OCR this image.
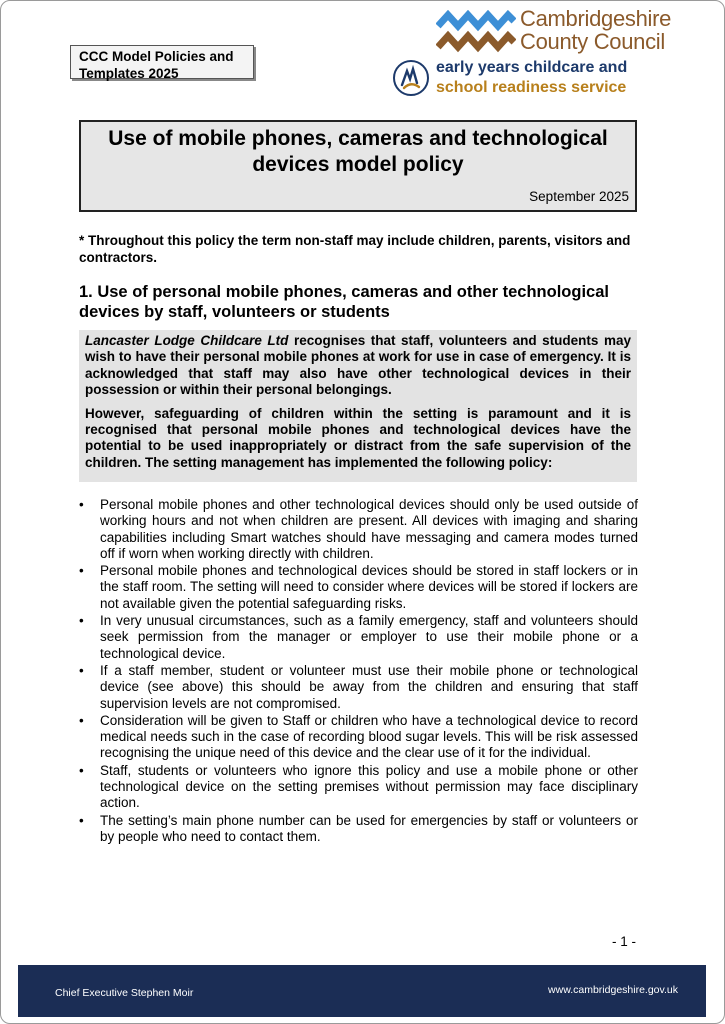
CCC Model Policies and
Templates 2025
Cambridgeshire
County Council
early years childcare and
school readiness service
Use of mobile phones, cameras and technological
devices model policy
September 2025
* Throughout this policy the term non-staff may include children, parents, visitors and contractors.
1. Use of personal mobile phones, cameras and other technological devices by staff, volunteers or students

Lancaster Lodge Childcare Ltd recognises that staff, volunteers and students may wish to have their personal mobile phones at work for use in case of emergency. It is acknowledged that staff may also have other technological devices in their possession or within their personal belongings.

However, safeguarding of children within the setting is paramount and it is recognised that personal mobile phones and technological devices have the potential to be used inappropriately or distract from the safe supervision of the children. The setting management has implemented the following policy:

• Personal mobile phones and other technological devices should only be used outside of working hours and not when children are present. All devices with imaging and sharing capabilities including Smart watches should have messaging and camera modes turned off if worn when working directly with children.
• Personal mobile phones and technological devices should be stored in staff lockers or in the staff room. The setting will need to consider where devices will be stored if lockers are not available given the potential safeguarding risks.
• In very unusual circumstances, such as a family emergency, staff and volunteers should seek permission from the manager or employer to use their mobile phone or a technological device.
• If a staff member, student or volunteer must use their mobile phone or technological device (see above) this should be away from the children and ensuring that staff supervision levels are not compromised.
• Consideration will be given to Staff or children who have a technological device to record medical needs such in the case of recording blood sugar levels. This will be risk assessed recognising the unique need of this device and the clear use of it for the individual.
• Staff, students or volunteers who ignore this policy and use a mobile phone or other technological device on the setting premises without permission may face disciplinary action.
• The setting’s main phone number can be used for emergencies by staff or volunteers or by people who need to contact them.
- 1 -
Chief Executive Stephen Moir	www.cambridgeshire.gov.uk
